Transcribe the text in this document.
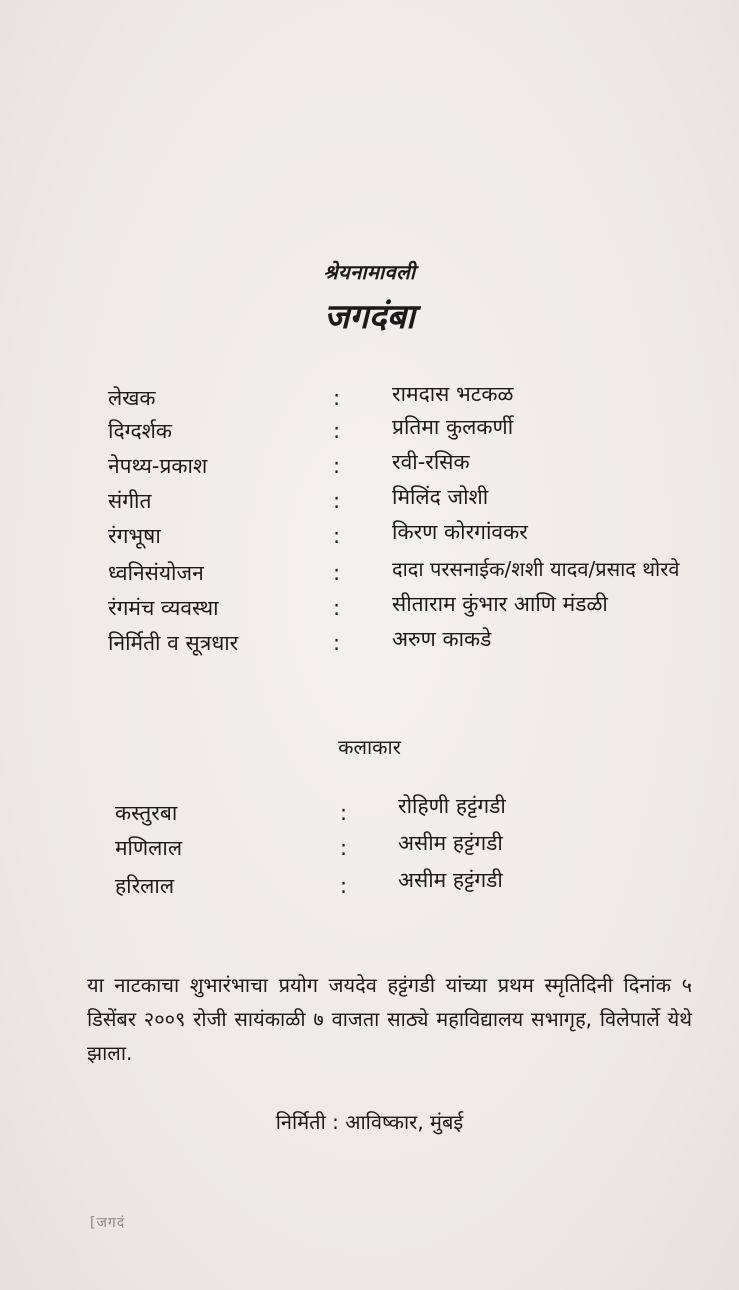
श्रेयनामावली
जगदंबा
लेखक	: रामदास भटकळ
दिग्दर्शक	: प्रतिमा कुलकर्णी
नेपथ्य-प्रकाश	: रवी-रसिक
संगीत	: मिलिंद जोशी
रंगभूषा	: किरण कोरगांवकर
ध्वनिसंयोजन	:	दादा परसनाईक/शशी यादव/प्रसाद थोरवे
रंगमंच व्यवस्था	: सीताराम कुंभार आणि मंडळी
निर्मिती व सूत्रधार	: अरुण काकडे
कलाकार
कस्तुरबा	: रोहिणी हट्टंगडी
मणिलाल	: असीम हट्टंगडी
हरिलाल	: असीम हट्टंगडी
या नाटकाचा शुभारंभाचा प्रयोग जयदेव हट्टंगडी यांच्या प्रथम स्मृतिदिनी दिनांक ५ डिसेंबर २००९ रोजी सायंकाळी ७ वाजता साठ्ये महाविद्यालय सभागृह, विलेपार्ले येथे झाला.
निर्मिती : आविष्कार, मुंबई
[जगदं
